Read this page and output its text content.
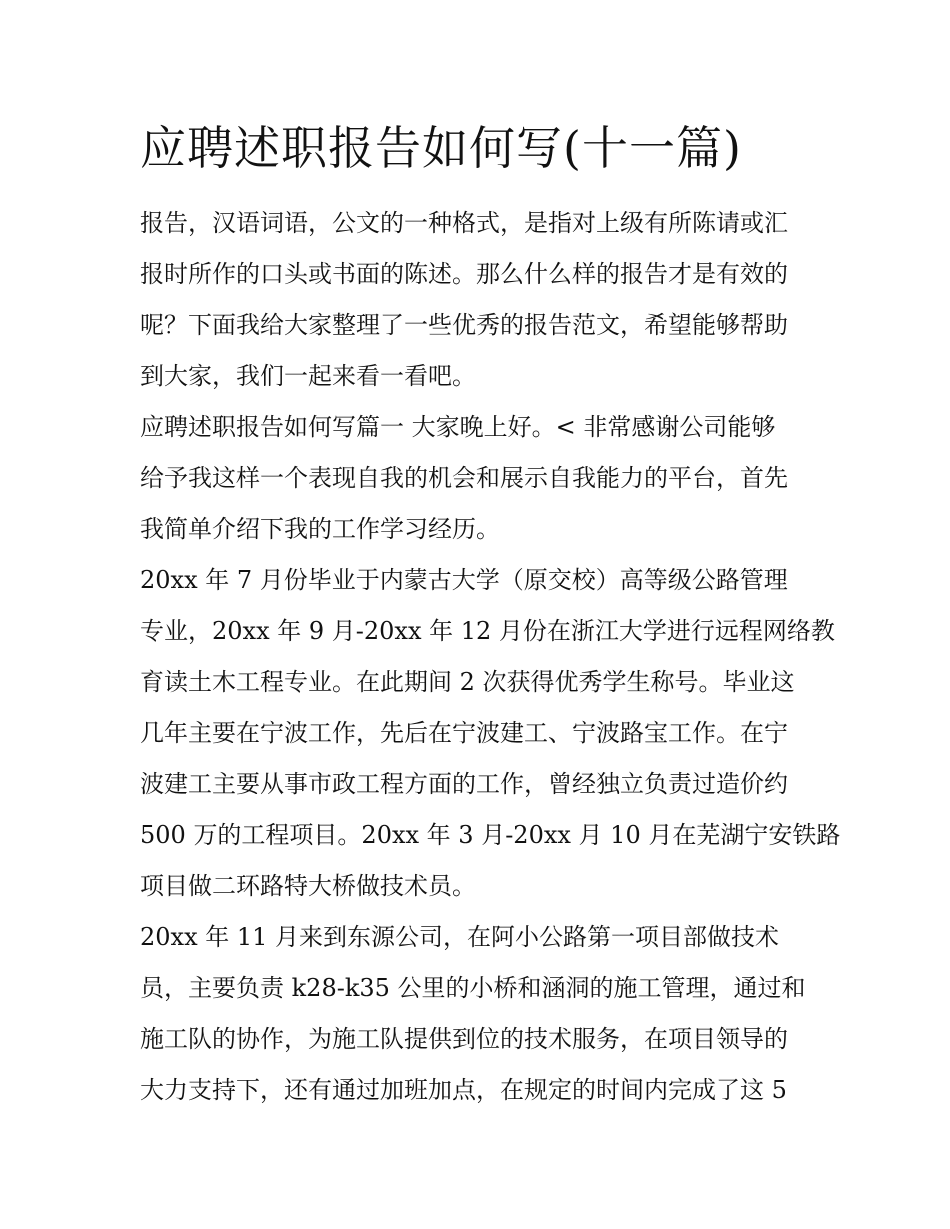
应聘述职报告如何写(十一篇)
报告，汉语词语，公文的一种格式，是指对上级有所陈请或汇
报时所作的口头或书面的陈述。那么什么样的报告才是有效的
呢？下面我给大家整理了一些优秀的报告范文，希望能够帮助
到大家，我们一起来看一看吧。
应聘述职报告如何写篇一 大家晚上好。< 非常感谢公司能够
给予我这样一个表现自我的机会和展示自我能力的平台，首先
我简单介绍下我的工作学习经历。
20xx 年 7 月份毕业于内蒙古大学（原交校）高等级公路管理
专业，20xx 年 9 月-20xx 年 12 月份在浙江大学进行远程网络教
育读土木工程专业。在此期间 2 次获得优秀学生称号。毕业这
几年主要在宁波工作，先后在宁波建工、宁波路宝工作。在宁
波建工主要从事市政工程方面的工作，曾经独立负责过造价约
500 万的工程项目。20xx 年 3 月-20xx 月 10 月在芜湖宁安铁路
项目做二环路特大桥做技术员。
20xx 年 11 月来到东源公司，在阿小公路第一项目部做技术
员，主要负责 k28-k35 公里的小桥和涵洞的施工管理，通过和
施工队的协作，为施工队提供到位的技术服务，在项目领导的
大力支持下，还有通过加班加点，在规定的时间内完成了这 5
